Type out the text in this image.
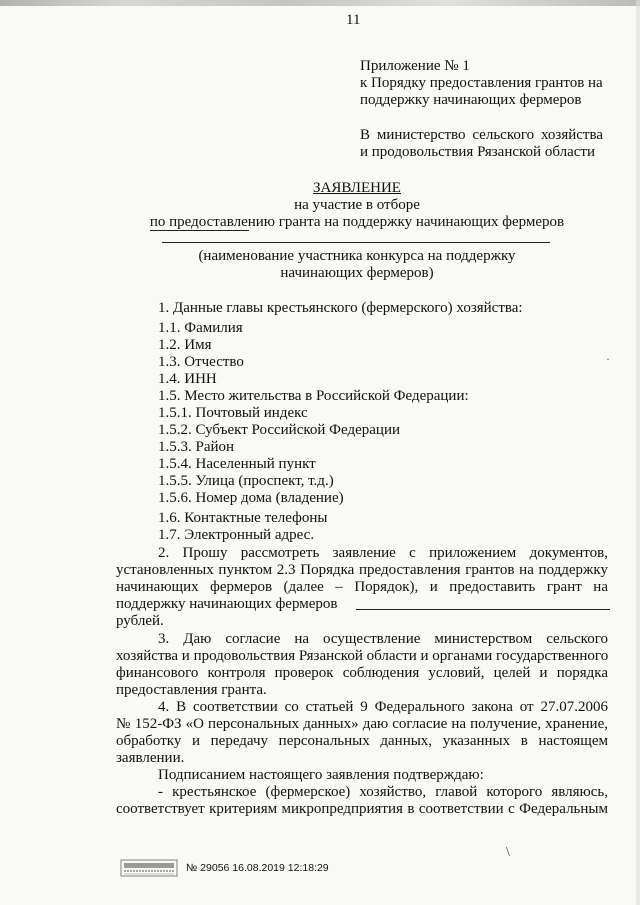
11
Приложение № 1
к Порядку предоставления грантов на
поддержку начинающих фермеров
В министерство сельского хозяйства
и продовольствия Рязанской области
ЗАЯВЛЕНИЕ
на участие в отборе
по предоставлению гранта на поддержку начинающих фермеров
(наименование участника конкурса на поддержку
начинающих фермеров)
1. Данные главы крестьянского (фермерского) хозяйства:
1.1. Фамилия
1.2. Имя
1.3. Отчество
1.4. ИНН
1.5. Место жительства в Российской Федерации:
1.5.1. Почтовый индекс
1.5.2. Субъект Российской Федерации
1.5.3. Район
1.5.4. Населенный пункт
1.5.5. Улица (проспект, т.д.)
1.5.6. Номер дома (владение)
1.6. Контактные телефоны
1.7. Электронный адрес.
2. Прошу рассмотреть заявление с приложением документов,
установленных пунктом 2.3 Порядка предоставления грантов на поддержку
начинающих фермеров (далее – Порядок), и предоставить грант на
поддержку начинающих фермеров
рублей.
3. Даю согласие на осуществление министерством сельского
хозяйства и продовольствия Рязанской области и органами государственного
финансового контроля проверок соблюдения условий, целей и порядка
предоставления гранта.
4. В соответствии со статьей 9 Федерального закона от 27.07.2006
№ 152-ФЗ «О персональных данных» даю согласие на получение, хранение,
обработку и передачу персональных данных, указанных в настоящем
заявлении.
Подписанием настоящего заявления подтверждаю:
- крестьянское (фермерское) хозяйство, главой которого являюсь,
соответствует критериям микропредприятия в соответствии с Федеральным
·
\
№ 29056 16.08.2019 12:18:29
